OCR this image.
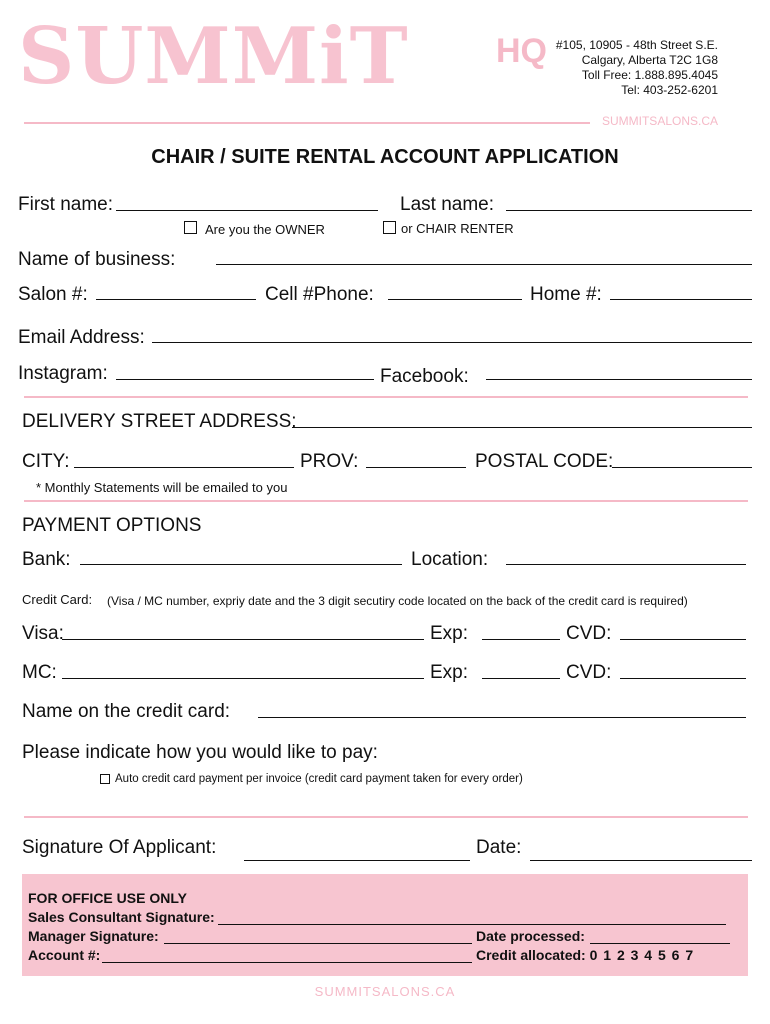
SUMMiT	HQ #105, 10905 - 48th Street S.E.
Calgary, Alberta T2C 1G8
Toll Free: 1.888.895.4045
Tel: 403-252-6201
SUMMITSALONS.CA
CHAIR / SUITE RENTAL ACCOUNT APPLICATION
First name:	Last name:
Are you the OWNER	or CHAIR RENTER
Name of business:
Salon #:	Cell #Phone:	Home #:
Email Address:
Instagram:	Facebook:
DELIVERY STREET ADDRESS:
CITY:	PROV:	POSTAL CODE:
* Monthly Statements will be emailed to you
PAYMENT OPTIONS
Bank:	Location:
Credit Card: (Visa / MC number, expriy date and the 3 digit secutiry code located on the back of the credit card is required)
Visa:	Exp:	CVD:
MC:	Exp:	CVD:
Name on the credit card:
Please indicate how you would like to pay:
Auto credit card payment per invoice (credit card payment taken for every order)
Signature Of Applicant:	Date:
FOR OFFICE USE ONLY
Sales Consultant Signature:
Manager Signature:	Date processed:
Account #:	Credit allocated: 0 1 2 3 4 5 6 7
SUMMITSALONS.CA
